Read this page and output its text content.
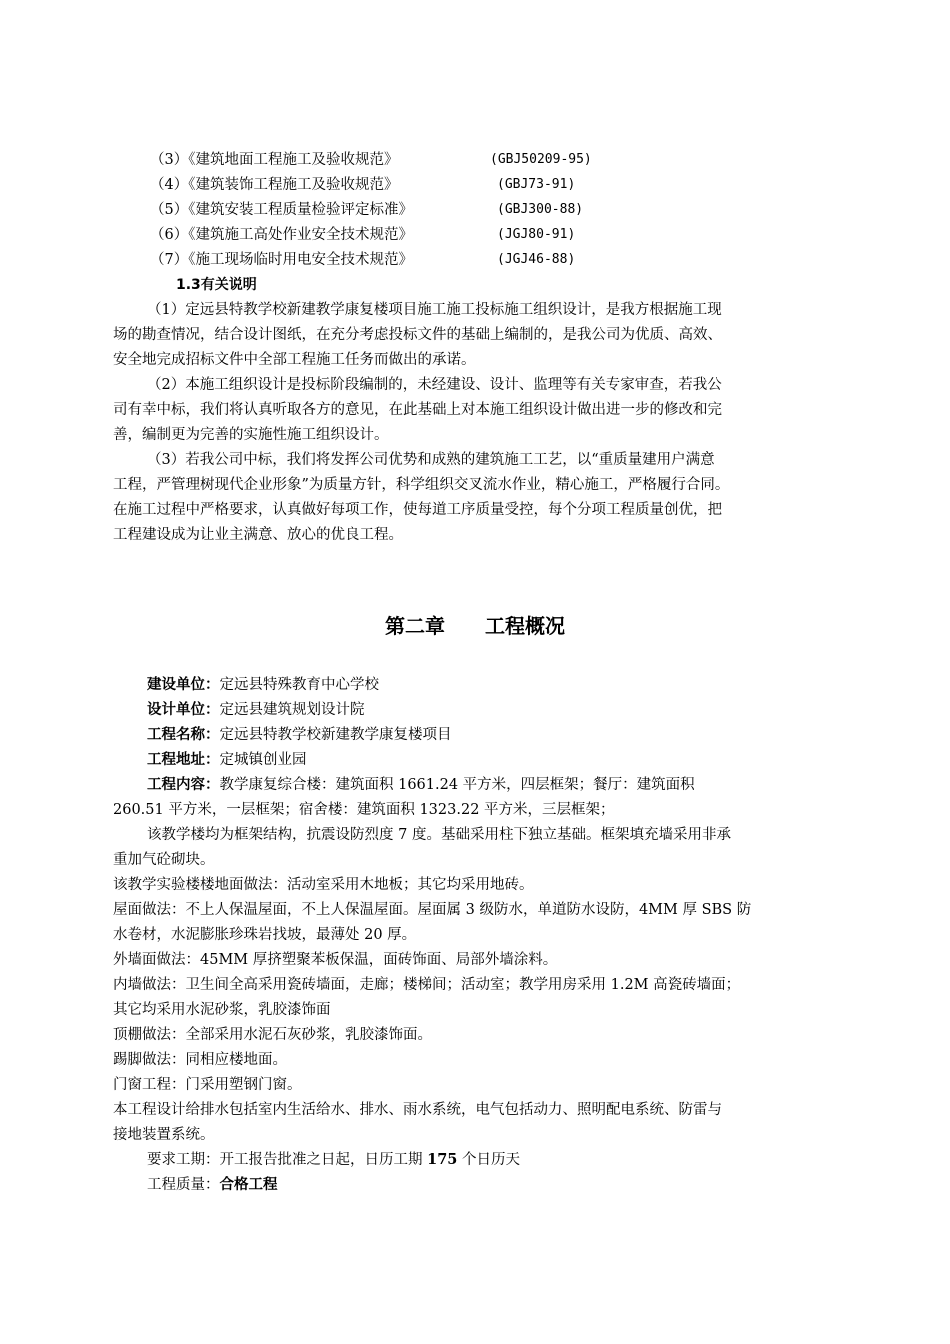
（3）《建筑地面工程施工及验收规范》	(GBJ50209-95)
（4）《建筑装饰工程施工及验收规范》	(GBJ73-91)
（5）《建筑安装工程质量检验评定标准》	(GBJ300-88)
（6）《建筑施工高处作业安全技术规范》	(JGJ80-91)
（7）《施工现场临时用电安全技术规范》	(JGJ46-88)
1.3有关说明
（1）定远县特教学校新建教学康复楼项目施工施工投标施工组织设计，是我方根据施工现
场的勘查情况，结合设计图纸，在充分考虑投标文件的基础上编制的，是我公司为优质、高效、
安全地完成招标文件中全部工程施工任务而做出的承诺。
（2）本施工组织设计是投标阶段编制的，未经建设、设计、监理等有关专家审查，若我公
司有幸中标，我们将认真听取各方的意见，在此基础上对本施工组织设计做出进一步的修改和完
善，编制更为完善的实施性施工组织设计。
（3）若我公司中标，我们将发挥公司优势和成熟的建筑施工工艺，以“重质量建用户满意
工程，严管理树现代企业形象”为质量方针，科学组织交叉流水作业，精心施工，严格履行合同。
在施工过程中严格要求，认真做好每项工作，使每道工序质量受控，每个分项工程质量创优，把
工程建设成为让业主满意、放心的优良工程。
第二章 工程概况
建设单位：定远县特殊教育中心学校
设计单位：定远县建筑规划设计院
工程名称：定远县特教学校新建教学康复楼项目
工程地址：定城镇创业园
工程内容：教学康复综合楼：建筑面积 1661.24 平方米，四层框架；餐厅：建筑面积
260.51 平方米，一层框架；宿舍楼：建筑面积 1323.22 平方米，三层框架；
该教学楼均为框架结构，抗震设防烈度 7 度。基础采用柱下独立基础。框架填充墙采用非承
重加气砼砌块。
该教学实验楼楼地面做法：活动室采用木地板；其它均采用地砖。
屋面做法：不上人保温屋面，不上人保温屋面。屋面属 3 级防水，单道防水设防，4MM 厚 SBS 防
水卷材，水泥膨胀珍珠岩找坡，最薄处 20 厚。
外墙面做法：45MM 厚挤塑聚苯板保温，面砖饰面、局部外墙涂料。
内墙做法：卫生间全高采用瓷砖墙面，走廊；楼梯间；活动室；教学用房采用 1.2M 高瓷砖墙面；
其它均采用水泥砂浆，乳胶漆饰面
顶棚做法：全部采用水泥石灰砂浆，乳胶漆饰面。
踢脚做法：同相应楼地面。
门窗工程：门采用塑钢门窗。
本工程设计给排水包括室内生活给水、排水、雨水系统，电气包括动力、照明配电系统、防雷与
接地装置系统。
要求工期：开工报告批准之日起，日历工期 175 个日历天
工程质量：合格工程
